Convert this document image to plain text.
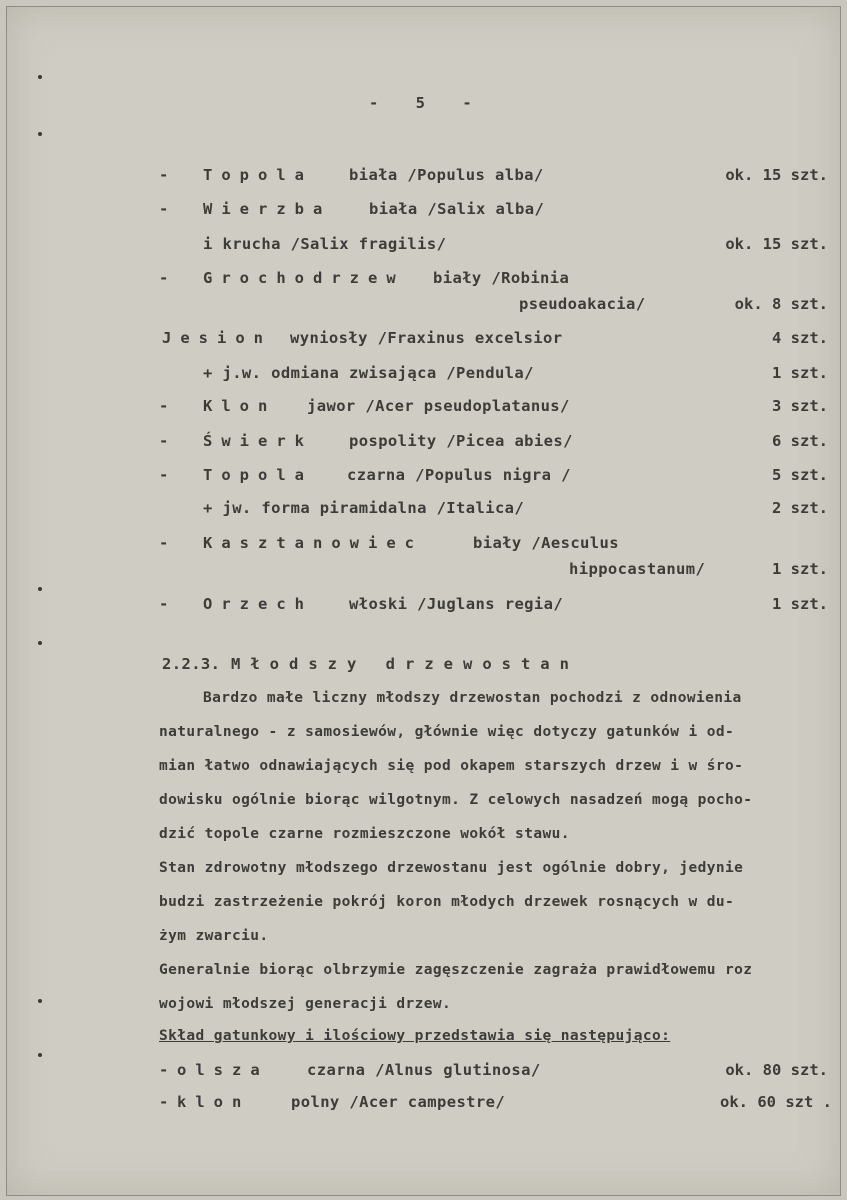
- 5 -
- Topola biała /Populus alba/	ok. 15 szt.
- Wierzba biała /Salix alba/
i krucha /Salix fragilis/	ok. 15 szt.
- Grochodrzew biały /Robinia
pseudoakacia/	ok. 8 szt.
Jesion wyniosły /Fraxinus excelsior	4 szt.
+ j.w. odmiana zwisająca /Pendula/	1 szt.
- Klon jawor /Acer pseudoplatanus/	3 szt.
- Świerk pospolity /Picea abies/	6 szt.
- Topola czarna /Populus nigra /	5 szt.
+ jw. forma piramidalna /Italica/	2 szt.
- Kasztanowiec	biały /Aesculus
hippocastanum/	1 szt.
- Orzech włoski /Juglans regia/	1 szt.
2.2.3. Młodszy drzewostan
Bardzo małe liczny młodszy drzewostan pochodzi z odnowienia
naturalnego - z samosiewów, głównie więc dotyczy gatunków i od-
mian łatwo odnawiających się pod okapem starszych drzew i w śro-
dowisku ogólnie biorąc wilgotnym. Z celowych nasadzeń mogą pocho-
dzić topole czarne rozmieszczone wokół stawu.
Stan zdrowotny młodszego drzewostanu jest ogólnie dobry, jedynie
budzi zastrzeżenie pokrój koron młodych drzewek rosnących w du-
żym zwarciu.
Generalnie biorąc olbrzymie zagęszczenie zagraża prawidłowemu roz
wojowi młodszej generacji drzew.
Skład gatunkowy i ilościowy przedstawia się następująco:
- olsza czarna /Alnus glutinosa/	ok. 80 szt.
- klon	polny /Acer campestre/	ok. 60 szt .
